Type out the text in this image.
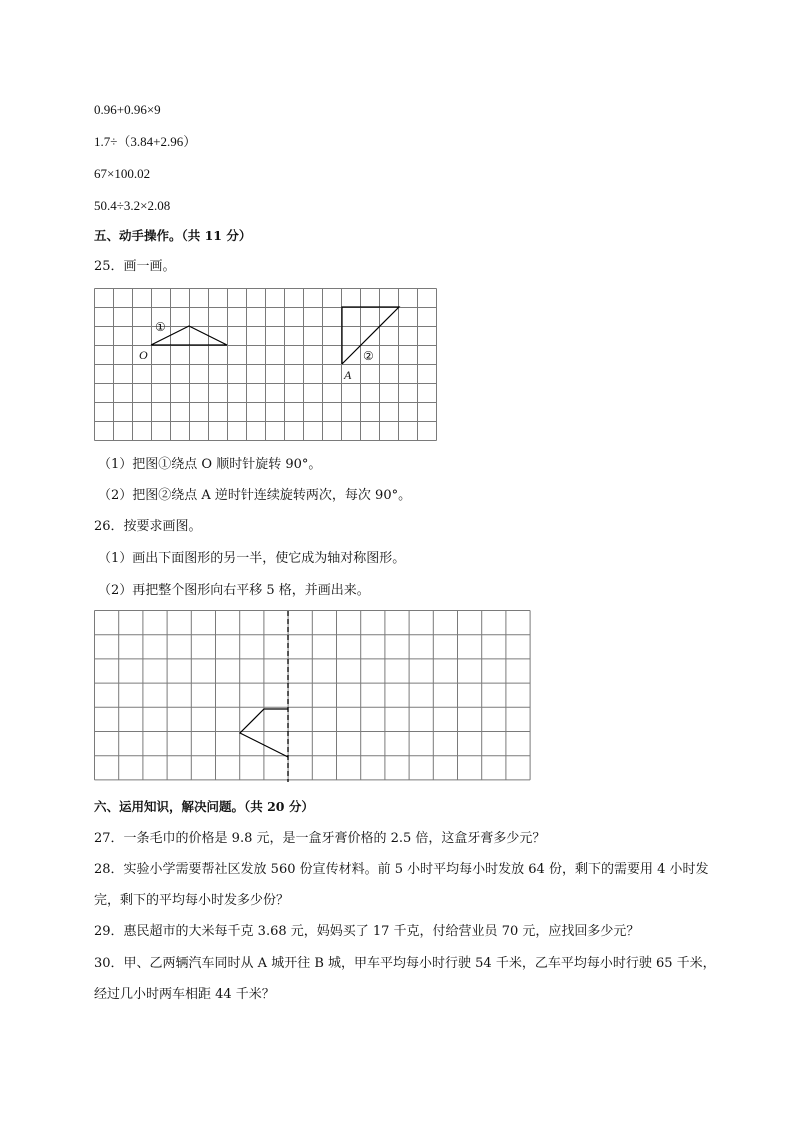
0.96+0.96×9
1.7÷（3.84+2.96）
67×100.02
50.4÷3.2×2.08
五、动手操作。（共 11 分）
25．画一画。
①
②
O
A
（1）把图①绕点 O 顺时针旋转 90°。
（2）把图②绕点 A 逆时针连续旋转两次，每次 90°。
26．按要求画图。
（1）画出下面图形的另一半，使它成为轴对称图形。
（2）再把整个图形向右平移 5 格，并画出来。
六、运用知识，解决问题。（共 20 分）
27．一条毛巾的价格是 9.8 元，是一盒牙膏价格的 2.5 倍，这盒牙膏多少元？
28．实验小学需要帮社区发放 560 份宣传材料。前 5 小时平均每小时发放 64 份，剩下的需要用 4 小时发
完，剩下的平均每小时发多少份？
29．惠民超市的大米每千克 3.68 元，妈妈买了 17 千克，付给营业员 70 元，应找回多少元？
30．甲、乙两辆汽车同时从 A 城开往 B 城，甲车平均每小时行驶 54 千米，乙车平均每小时行驶 65 千米，
经过几小时两车相距 44 千米？
